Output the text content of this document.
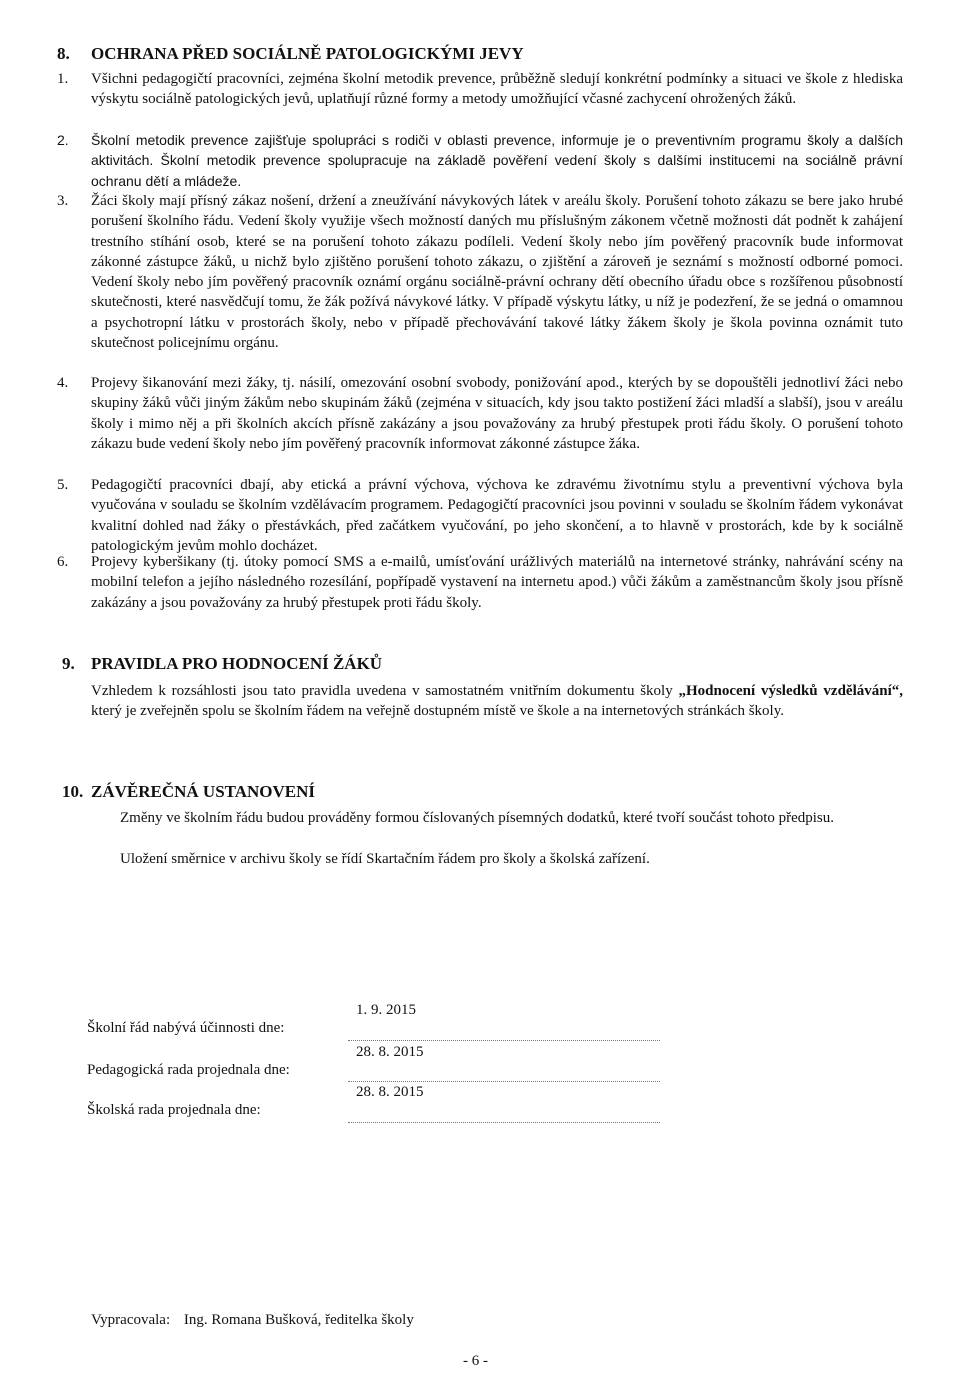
8. OCHRANA PŘED SOCIÁLNĚ PATOLOGICKÝMI JEVY
1. Všichni pedagogičtí pracovníci, zejména školní metodik prevence, průběžně sledují konkrétní podmínky a situaci ve škole z hlediska výskytu sociálně patologických jevů, uplatňují různé formy a metody umožňující včasné zachycení ohrožených žáků.
2. Školní metodik prevence zajišťuje spolupráci s rodiči v oblasti prevence, informuje je o preventivním programu školy a dalších aktivitách. Školní metodik prevence spolupracuje na základě pověření vedení školy s dalšími institucemi na sociálně právní ochranu dětí a mládeže.
3. Žáci školy mají přísný zákaz nošení, držení a zneužívání návykových látek v areálu školy. Porušení tohoto zákazu se bere jako hrubé porušení školního řádu. Vedení školy využije všech možností daných mu příslušným zákonem včetně možnosti dát podnět k zahájení trestního stíhání osob, které se na porušení tohoto zákazu podíleli. Vedení školy nebo jím pověřený pracovník bude informovat zákonné zástupce žáků, u nichž bylo zjištěno porušení tohoto zákazu, o zjištění a zároveň je seznámí s možností odborné pomoci. Vedení školy nebo jím pověřený pracovník oznámí orgánu sociálně-právní ochrany dětí obecního úřadu obce s rozšířenou působností skutečnosti, které nasvědčují tomu, že žák požívá návykové látky. V případě výskytu látky, u níž je podezření, že se jedná o omamnou a psychotropní látku v prostorách školy, nebo v případě přechovávání takové látky žákem školy je škola povinna oznámit tuto skutečnost policejnímu orgánu.
4. Projevy šikanování mezi žáky, tj. násilí, omezování osobní svobody, ponižování apod., kterých by se dopouštěli jednotliví žáci nebo skupiny žáků vůči jiným žákům nebo skupinám žáků (zejména v situacích, kdy jsou takto postižení žáci mladší a slabší), jsou v areálu školy i mimo něj a při školních akcích přísně zakázány a jsou považovány za hrubý přestupek proti řádu školy. O porušení tohoto zákazu bude vedení školy nebo jím pověřený pracovník informovat zákonné zástupce žáka.
5. Pedagogičtí pracovníci dbají, aby etická a právní výchova, výchova ke zdravému životnímu stylu a preventivní výchova byla vyučována v souladu se školním vzdělávacím programem. Pedagogičtí pracovníci jsou povinni v souladu se školním řádem vykonávat kvalitní dohled nad žáky o přestávkách, před začátkem vyučování, po jeho skončení, a to hlavně v prostorách, kde by k sociálně patologickým jevům mohlo docházet.
6. Projevy kyberšikany (tj. útoky pomocí SMS a e-mailů, umísťování urážlivých materiálů na internetové stránky, nahrávání scény na mobilní telefon a jejího následného rozesílání, popřípadě vystavení na internetu apod.) vůči žákům a zaměstnancům školy jsou přísně zakázány a jsou považovány za hrubý přestupek proti řádu školy.
9. PRAVIDLA PRO HODNOCENÍ ŽÁKŮ
Vzhledem k rozsáhlosti jsou tato pravidla uvedena v samostatném vnitřním dokumentu školy „Hodnocení výsledků vzdělávání“, který je zveřejněn spolu se školním řádem na veřejně dostupném místě ve škole a na internetových stránkách školy.
10. ZÁVĚREČNÁ USTANOVENÍ
Změny ve školním řádu budou prováděny formou číslovaných písemných dodatků, které tvoří součást tohoto předpisu.
Uložení směrnice v archivu školy se řídí Skartačním řádem pro školy a školská zařízení.
1. 9. 2015
Školní řád nabývá účinnosti dne:
28. 8. 2015
Pedagogická rada projednala dne:
28. 8. 2015
Školská rada projednala dne:
Vypracovala: Ing. Romana Bušková, ředitelka školy
- 6 -
